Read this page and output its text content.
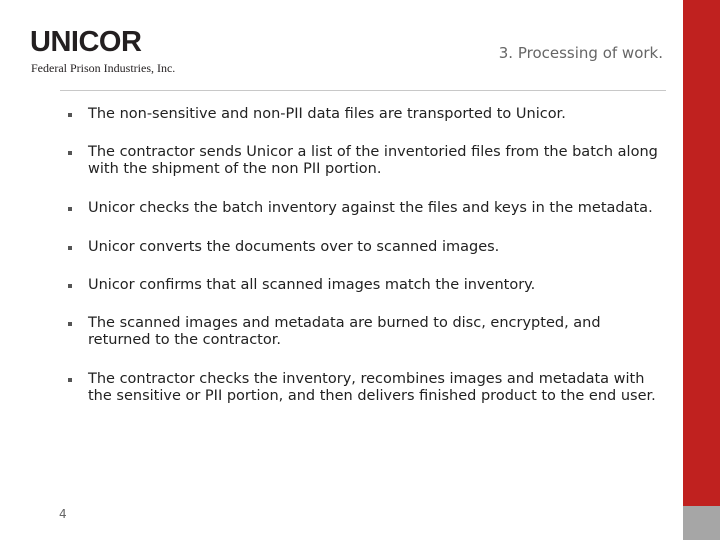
UNICOR
Federal Prison Industries, Inc.
3. Processing of work.
The non-sensitive and non-PII data files are transported to Unicor.
The contractor sends Unicor a list of the inventoried files from the batch along with the shipment of the non PII portion.
Unicor checks the batch inventory against the files and keys in the metadata.
Unicor converts the documents over to scanned images.
Unicor confirms that all scanned images match the inventory.
The scanned images and metadata are burned to disc, encrypted, and returned to the contractor.
The contractor checks the inventory, recombines images and metadata with the sensitive or PII portion, and then delivers finished product to the end user.
4
